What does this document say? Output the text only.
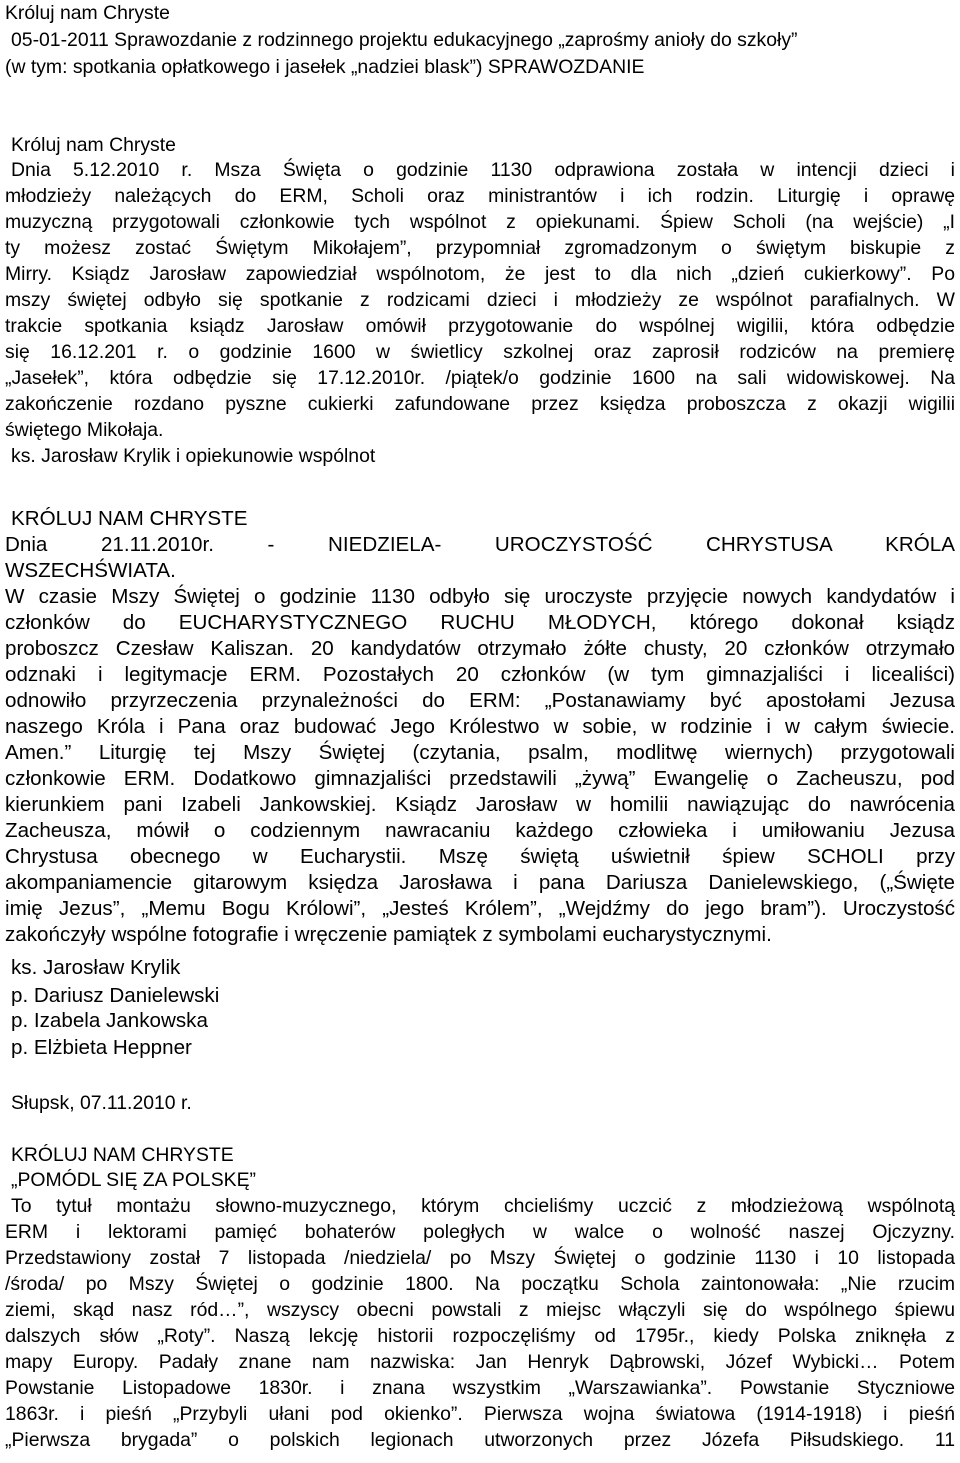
Króluj nam Chryste
05-01-2011 Sprawozdanie z rodzinnego projektu edukacyjnego „zaprośmy anioły do szkoły”
(w tym: spotkania opłatkowego i jasełek „nadziei blask”) SPRAWOZDANIE
Króluj nam Chryste
Dnia 5.12.2010 r. Msza Święta o godzinie 1130 odprawiona została w intencji dzieci i
młodzieży należących do ERM, Scholi oraz ministrantów i ich rodzin. Liturgię i oprawę
muzyczną przygotowali członkowie tych wspólnot z opiekunami. Śpiew Scholi (na wejście) „I
ty możesz zostać Świętym Mikołajem”, przypomniał zgromadzonym o świętym biskupie z
Mirry. Ksiądz Jarosław zapowiedział wspólnotom, że jest to dla nich „dzień cukierkowy”. Po
mszy świętej odbyło się spotkanie z rodzicami dzieci i młodzieży ze wspólnot parafialnych. W
trakcie spotkania ksiądz Jarosław omówił przygotowanie do wspólnej wigilii, która odbędzie
się 16.12.201 r. o godzinie 1600 w świetlicy szkolnej oraz zaprosił rodziców na premierę
„Jasełek”, która odbędzie się 17.12.2010r. /piątek/o godzinie 1600 na sali widowiskowej. Na
zakończenie rozdano pyszne cukierki zafundowane przez księdza proboszcza z okazji wigilii
świętego Mikołaja.
ks. Jarosław Krylik i opiekunowie wspólnot
KRÓLUJ NAM CHRYSTE
Dnia 21.11.2010r. - NIEDZIELA- UROCZYSTOŚĆ CHRYSTUSA KRÓLA
WSZECHŚWIATA.
W czasie Mszy Świętej o godzinie 1130 odbyło się uroczyste przyjęcie nowych kandydatów i
członków do EUCHARYSTYCZNEGO RUCHU MŁODYCH, którego dokonał ksiądz
proboszcz Czesław Kaliszan. 20 kandydatów otrzymało żółte chusty, 20 członków otrzymało
odznaki i legitymacje ERM. Pozostałych 20 członków (w tym gimnazjaliści i licealiści)
odnowiło przyrzeczenia przynależności do ERM: „Postanawiamy być apostołami Jezusa
naszego Króla i Pana oraz budować Jego Królestwo w sobie, w rodzinie i w całym świecie.
Amen.” Liturgię tej Mszy Świętej (czytania, psalm, modlitwę wiernych) przygotowali
członkowie ERM. Dodatkowo gimnazjaliści przedstawili „żywą” Ewangelię o Zacheuszu, pod
kierunkiem pani Izabeli Jankowskiej. Ksiądz Jarosław w homilii nawiązując do nawrócenia
Zacheusza, mówił o codziennym nawracaniu każdego człowieka i umiłowaniu Jezusa
Chrystusa obecnego w Eucharystii. Mszę świętą uświetnił śpiew SCHOLI przy
akompaniamencie gitarowym księdza Jarosława i pana Dariusza Danielewskiego, („Święte
imię Jezus”, „Memu Bogu Królowi”, „Jesteś Królem”, „Wejdźmy do jego bram”). Uroczystość
zakończyły wspólne fotografie i wręczenie pamiątek z symbolami eucharystycznymi.
ks. Jarosław Krylik
p. Dariusz Danielewski
p. Izabela Jankowska
p. Elżbieta Heppner
Słupsk, 07.11.2010 r.
KRÓLUJ NAM CHRYSTE
„POMÓDL SIĘ ZA POLSKĘ”
To tytuł montażu słowno-muzycznego, którym chcieliśmy uczcić z młodzieżową wspólnotą
ERM i lektorami pamięć bohaterów poległych w walce o wolność naszej Ojczyzny.
Przedstawiony został 7 listopada /niedziela/ po Mszy Świętej o godzinie 1130 i 10 listopada
/środa/ po Mszy Świętej o godzinie 1800. Na początku Schola zaintonowała: „Nie rzucim
ziemi, skąd nasz ród…”, wszyscy obecni powstali z miejsc włączyli się do wspólnego śpiewu
dalszych słów „Roty”. Naszą lekcję historii rozpoczęliśmy od 1795r., kiedy Polska zniknęła z
mapy Europy. Padały znane nam nazwiska: Jan Henryk Dąbrowski, Józef Wybicki… Potem
Powstanie Listopadowe 1830r. i znana wszystkim „Warszawianka”. Powstanie Styczniowe
1863r. i pieśń „Przybyli ułani pod okienko”. Pierwsza wojna światowa (1914-1918) i pieśń
„Pierwsza brygada” o polskich legionach utworzonych przez Józefa Piłsudskiego. 11
